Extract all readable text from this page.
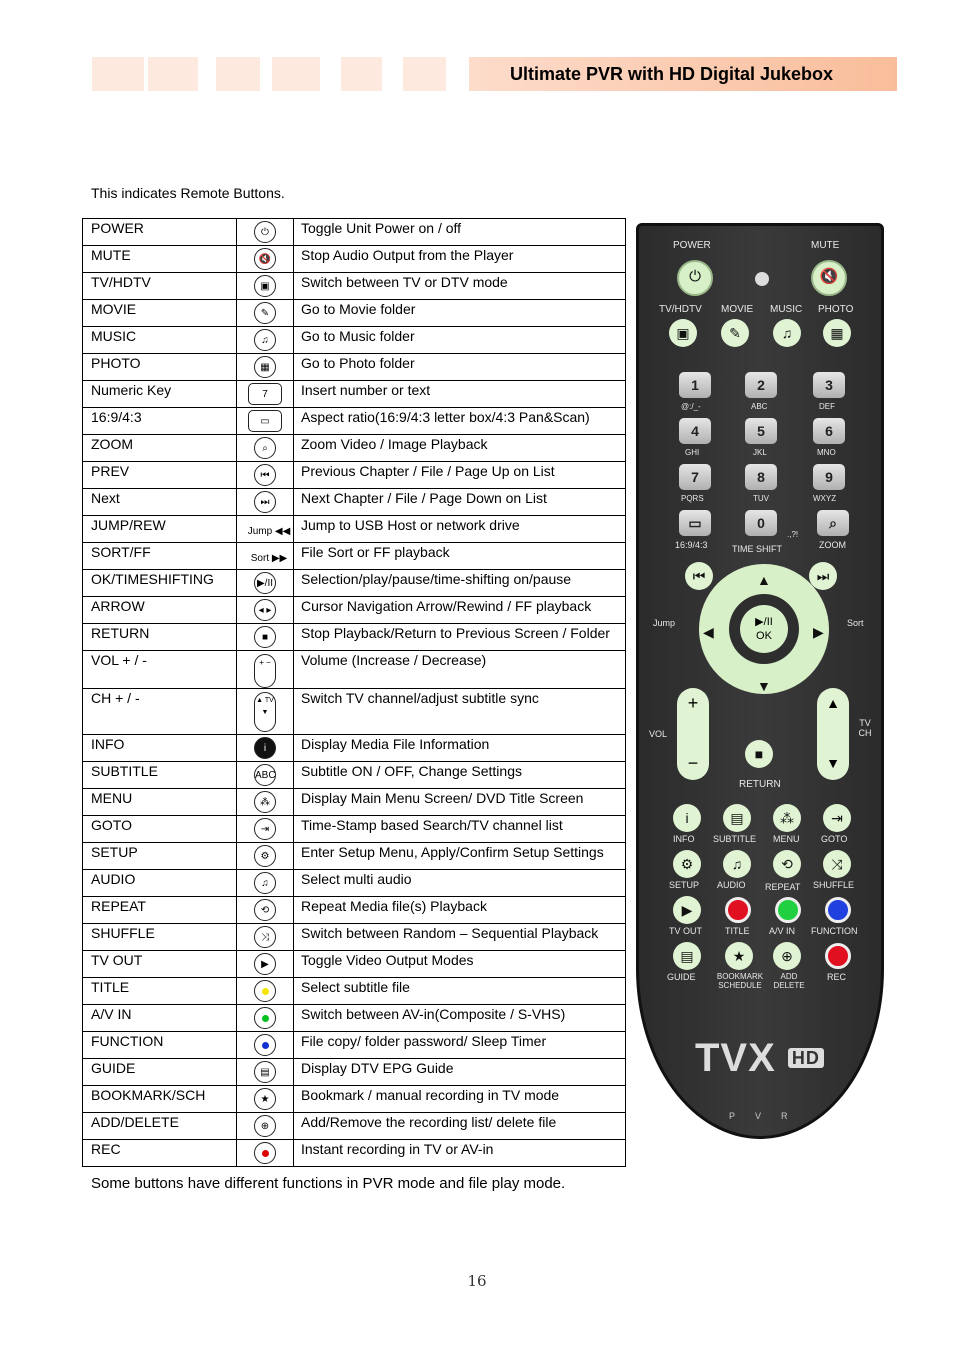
Ultimate PVR with HD Digital Jukebox
This indicates Remote Buttons.
POWER	⏻	Toggle Unit Power on / off
MUTE	🔇	Stop Audio Output from the Player
TV/HDTV	▣	Switch between TV or DTV mode
MOVIE	✎	Go to Movie folder
MUSIC	♫	Go to Music folder
PHOTO	▦	Go to Photo folder
Numeric Key	7	Insert number or text
16:9/4:3	▭	Aspect ratio(16:9/4:3 letter box/4:3 Pan&Scan)
ZOOM	⌕	Zoom Video / Image Playback
PREV	⏮	Previous Chapter / File / Page Up on List
Next	⏭	Next Chapter / File / Page Down on List
JUMP/REW	Jump ◀◀	Jump to USB Host or network drive
SORT/FF	Sort ▶▶	File Sort or FF playback
OK/TIMESHIFTING	▶/II	Selection/play/pause/time-shifting on/pause
ARROW	◂ ▸	Cursor Navigation Arrow/Rewind / FF playback
RETURN	■	Stop Playback/Return to Previous Screen / Folder
VOL + / -	+ −	Volume (Increase / Decrease)
CH + / -	▲ TV ▼	Switch TV channel/adjust subtitle sync
INFO	i	Display Media File Information
SUBTITLE	ABC	Subtitle ON / OFF, Change Settings
MENU	⁂	Display Main Menu Screen/ DVD Title Screen
GOTO	⇥	Time-Stamp based Search/TV channel list
SETUP	⚙	Enter Setup Menu, Apply/Confirm Setup Settings
AUDIO	♫	Select multi audio
REPEAT	⟲	Repeat Media file(s) Playback
SHUFFLE	⤨	Switch between Random – Sequential Playback
TV OUT	▶	Toggle Video Output Modes
TITLE		Select subtitle file
A/V IN		Switch between AV-in(Composite / S-VHS)
FUNCTION		File copy/ folder password/ Sleep Timer
GUIDE	▤	Display DTV EPG Guide
BOOKMARK/SCH	★	Bookmark / manual recording in TV mode
ADD/DELETE	⊕	Add/Remove the recording list/ delete file
REC		Instant recording in TV or AV-in
Some buttons have different functions in PVR mode and file play mode.
16
POWER	MUTE
⏻	🔇
TV/HDTV MOVIE MUSIC PHOTO
▣	✎	♫	▦
1	2	3
@:/_-	ABC	DEF
4	5	6
GHI	JKL	MNO
7	8	9
PQRS	TUV	WXYZ
▭	0	⌕
16:9/4:3	TIME SHIFT
.,?!
ZOOM
⏮	⏭
▶/II
OK
▲
▼
◀	▶
Jump	Sort
+

−
VOL
▲

▼
TV CH
■
RETURN
i	▤	⁂	⇥
INFO SUBTITLE MENU GOTO
⚙	♫	⟲	⤨
SETUP AUDIO REPEAT SHUFFLE
▶
TV OUT	TITLE A/V IN FUNCTION
▤	★	⊕
GUIDE	BOOKMARK SCHEDULE
ADD DELETE
REC
TVX HD
PVR
